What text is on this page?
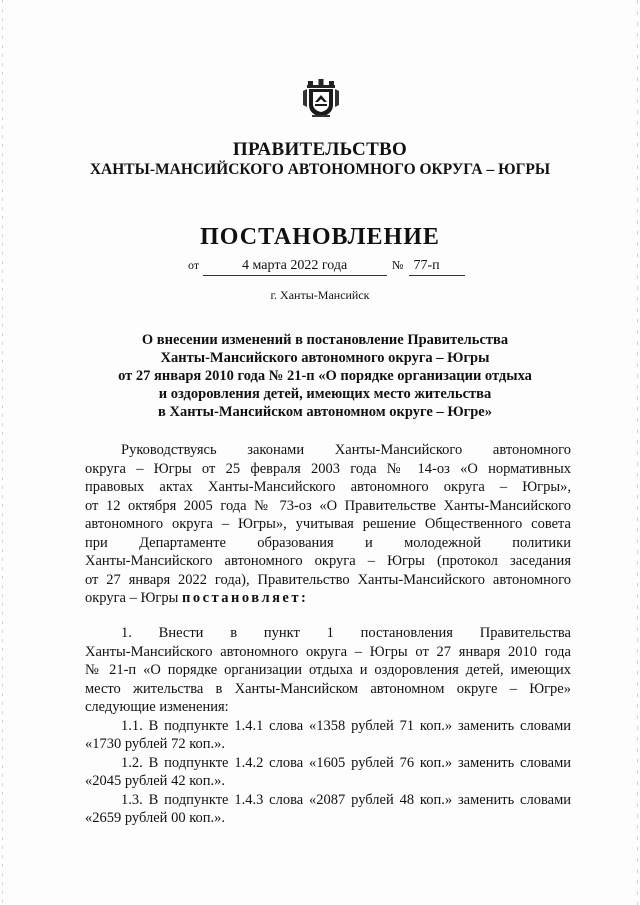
ПРАВИТЕЛЬСТВО
ХАНТЫ-МАНСИЙСКОГО АВТОНОМНОГО ОКРУГА – ЮГРЫ
ПОСТАНОВЛЕНИЕ
от	4 марта 2022 года	№ 77-п
г. Ханты-Мансийск
О внесении изменений в постановление Правительства
Ханты-Мансийского автономного округа – Югры
от 27 января 2010 года № 21-п «О порядке организации отдыха
и оздоровления детей, имеющих место жительства
в Ханты-Мансийском автономном округе – Югре»
Руководствуясь законами Ханты-Мансийского автономного
округа – Югры от 25 февраля 2003 года № 14-оз «О нормативных
правовых актах Ханты-Мансийского автономного округа – Югры»,
от 12 октября 2005 года № 73-оз «О Правительстве Ханты-Мансийского
автономного округа – Югры», учитывая решение Общественного совета
при Департаменте образования и молодежной политики
Ханты-Мансийского автономного округа – Югры (протокол заседания
от 27 января 2022 года), Правительство Ханты-Мансийского автономного
округа – Югры постановляет:
1. Внести в пункт 1 постановления Правительства
Ханты-Мансийского автономного округа – Югры от 27 января 2010 года
№ 21-п «О порядке организации отдыха и оздоровления детей, имеющих
место жительства в Ханты-Мансийском автономном округе – Югре»
следующие изменения:
1.1. В подпункте 1.4.1 слова «1358 рублей 71 коп.» заменить словами
«1730 рублей 72 коп.».
1.2. В подпункте 1.4.2 слова «1605 рублей 76 коп.» заменить словами
«2045 рублей 42 коп.».
1.3. В подпункте 1.4.3 слова «2087 рублей 48 коп.» заменить словами
«2659 рублей 00 коп.».
